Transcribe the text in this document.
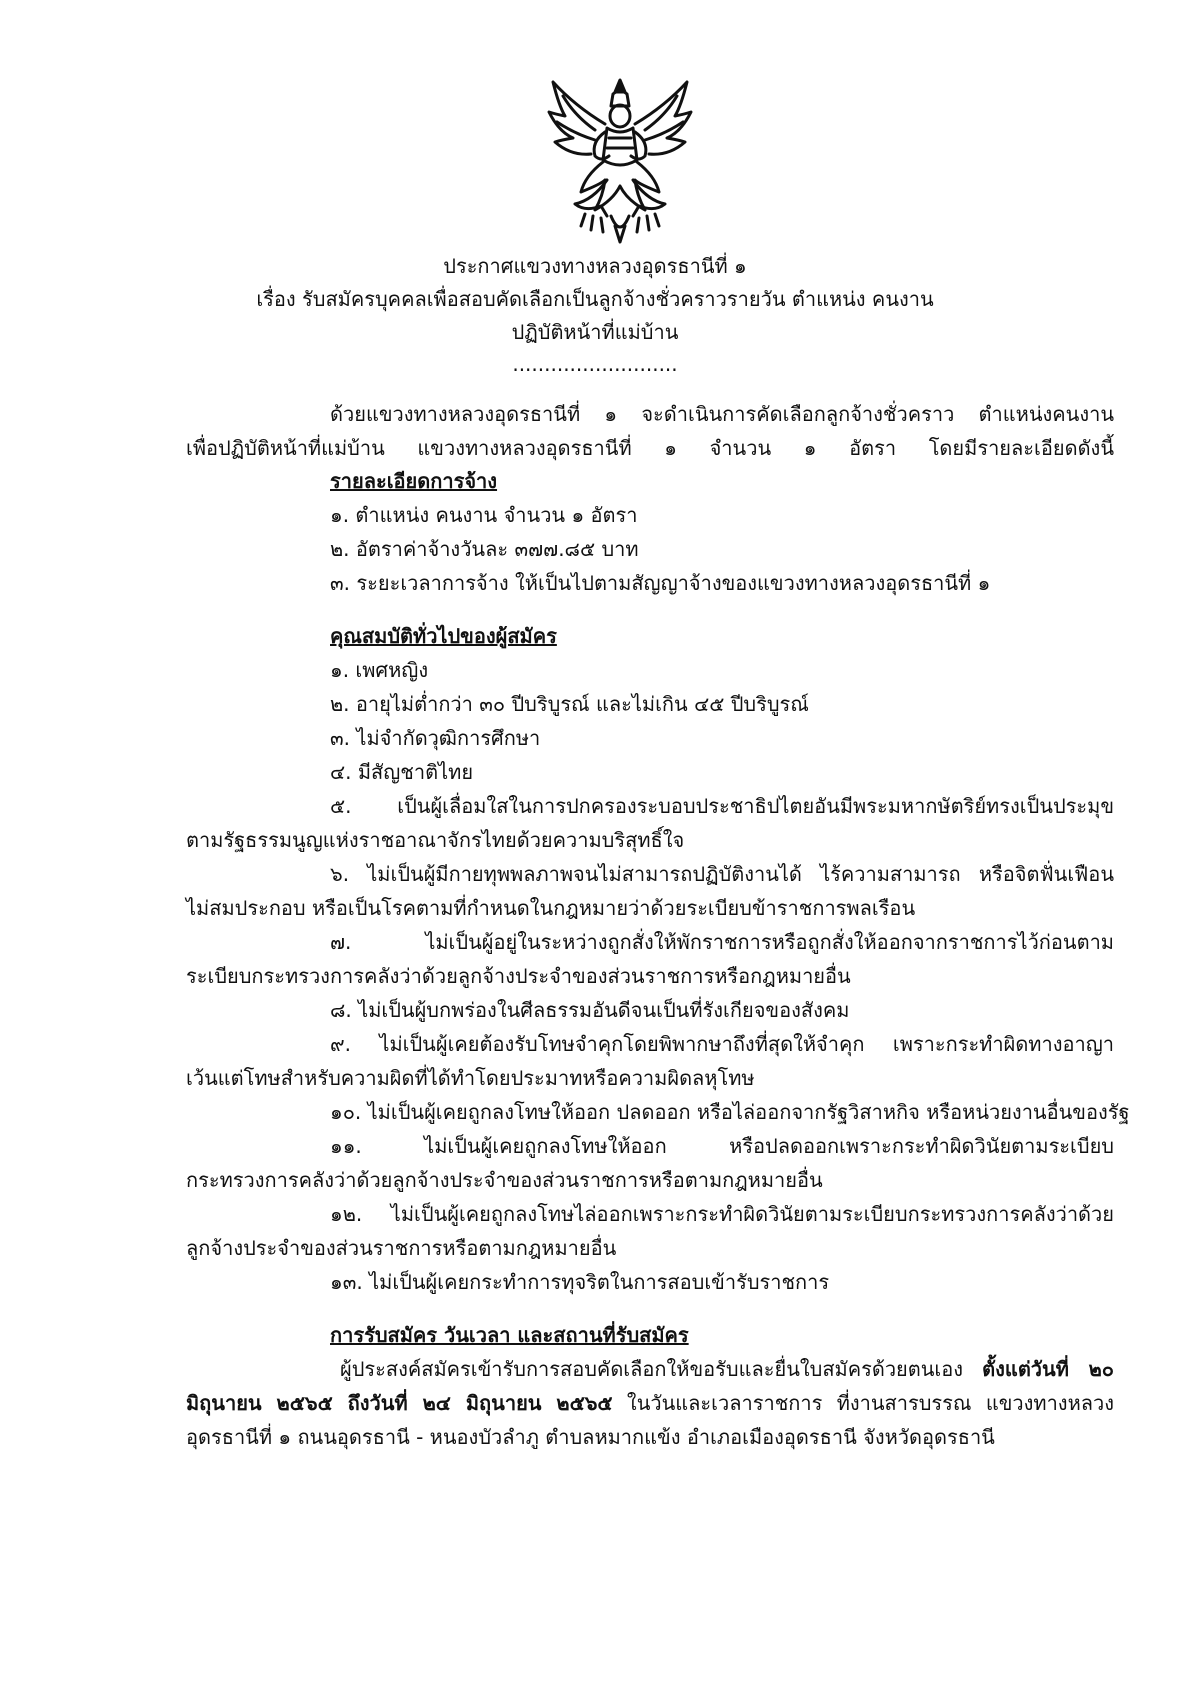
ประกาศแขวงทางหลวงอุดรธานีที่ ๑
เรื่อง รับสมัครบุคคลเพื่อสอบคัดเลือกเป็นลูกจ้างชั่วคราวรายวัน ตำแหน่ง คนงาน
ปฏิบัติหน้าที่แม่บ้าน
..........................
ด้วยแขวงทางหลวงอุดรธานีที่ ๑ จะดำเนินการคัดเลือกลูกจ้างชั่วคราว ตำแหน่งคนงาน
เพื่อปฏิบัติหน้าที่แม่บ้าน แขวงทางหลวงอุดรธานีที่ ๑ จำนวน ๑ อัตรา โดยมีรายละเอียดดังนี้
รายละเอียดการจ้าง
๑. ตำแหน่ง คนงาน จำนวน ๑ อัตรา
๒. อัตราค่าจ้างวันละ ๓๗๗.๘๕ บาท
๓. ระยะเวลาการจ้าง ให้เป็นไปตามสัญญาจ้างของแขวงทางหลวงอุดรธานีที่ ๑
คุณสมบัติทั่วไปของผู้สมัคร
๑. เพศหญิง
๒. อายุไม่ต่ำกว่า ๓๐ ปีบริบูรณ์ และไม่เกิน ๔๕ ปีบริบูรณ์
๓. ไม่จำกัดวุฒิการศึกษา
๔. มีสัญชาติไทย
๕. เป็นผู้เลื่อมใสในการปกครองระบอบประชาธิปไตยอันมีพระมหากษัตริย์ทรงเป็นประมุข
ตามรัฐธรรมนูญแห่งราชอาณาจักรไทยด้วยความบริสุทธิ์ใจ
๖. ไม่เป็นผู้มีกายทุพพลภาพจนไม่สามารถปฏิบัติงานได้ ไร้ความสามารถ หรือจิตฟั่นเฟือน
ไม่สมประกอบ หรือเป็นโรคตามที่กำหนดในกฎหมายว่าด้วยระเบียบข้าราชการพลเรือน
๗. ไม่เป็นผู้อยู่ในระหว่างถูกสั่งให้พักราชการหรือถูกสั่งให้ออกจากราชการไว้ก่อนตาม
ระเบียบกระทรวงการคลังว่าด้วยลูกจ้างประจำของส่วนราชการหรือกฎหมายอื่น
๘. ไม่เป็นผู้บกพร่องในศีลธรรมอันดีจนเป็นที่รังเกียจของสังคม
๙. ไม่เป็นผู้เคยต้องรับโทษจำคุกโดยพิพากษาถึงที่สุดให้จำคุก เพราะกระทำผิดทางอาญา
เว้นแต่โทษสำหรับความผิดที่ได้ทำโดยประมาทหรือความผิดลหุโทษ
๑๐. ไม่เป็นผู้เคยถูกลงโทษให้ออก ปลดออก หรือไล่ออกจากรัฐวิสาหกิจ หรือหน่วยงานอื่นของรัฐ
๑๑. ไม่เป็นผู้เคยถูกลงโทษให้ออก หรือปลดออกเพราะกระทำผิดวินัยตามระเบียบ
กระทรวงการคลังว่าด้วยลูกจ้างประจำของส่วนราชการหรือตามกฎหมายอื่น
๑๒. ไม่เป็นผู้เคยถูกลงโทษไล่ออกเพราะกระทำผิดวินัยตามระเบียบกระทรวงการคลังว่าด้วย
ลูกจ้างประจำของส่วนราชการหรือตามกฎหมายอื่น
๑๓. ไม่เป็นผู้เคยกระทำการทุจริตในการสอบเข้ารับราชการ
การรับสมัคร วันเวลา และสถานที่รับสมัคร
ผู้ประสงค์สมัครเข้ารับการสอบคัดเลือกให้ขอรับและยื่นใบสมัครด้วยตนเอง ตั้งแต่วันที่ ๒๐
มิถุนายน ๒๕๖๕ ถึงวันที่ ๒๔ มิถุนายน ๒๕๖๕ ในวันและเวลาราชการ ที่งานสารบรรณ แขวงทางหลวง
อุดรธานีที่ ๑ ถนนอุดรธานี - หนองบัวลำภู ตำบลหมากแข้ง อำเภอเมืองอุดรธานี จังหวัดอุดรธานี
